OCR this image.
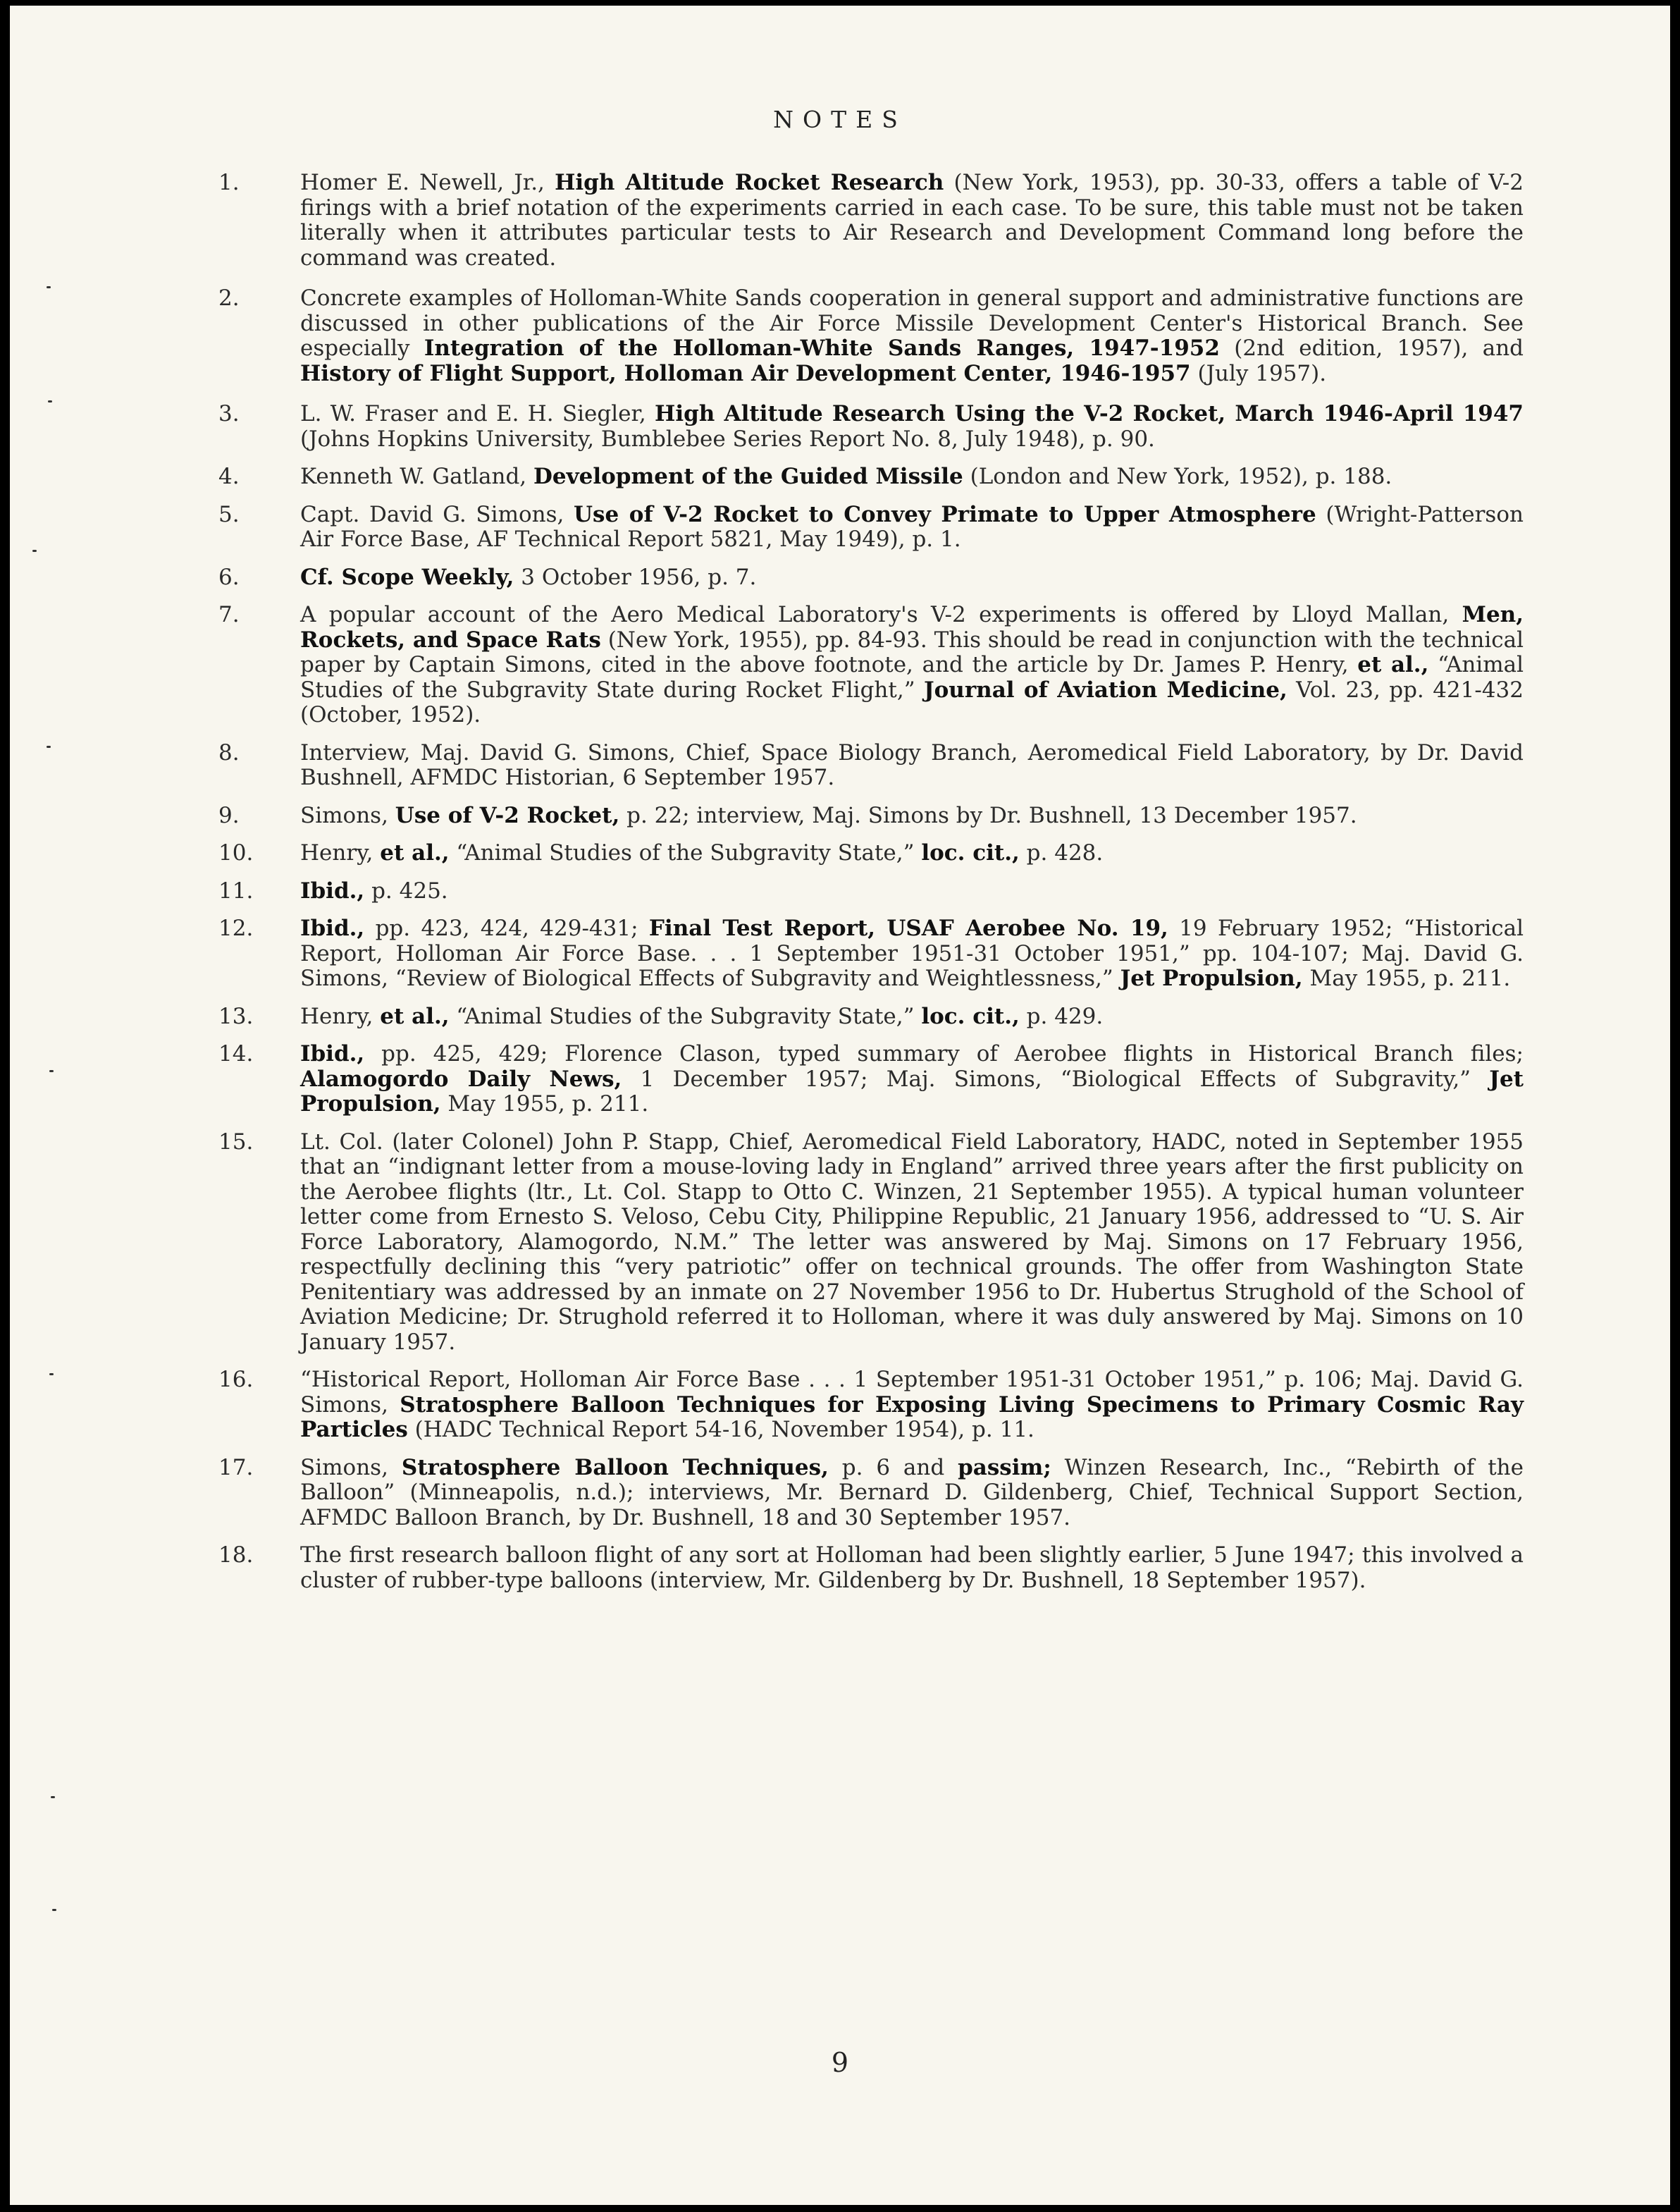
NOTES
1.	Homer E. Newell, Jr., High Altitude Rocket Research (New York, 1953), pp. 30-33, offers a table of V-2 firings with a brief notation of the experiments carried in each case. To be sure, this table must not be taken literally when it attributes particular tests to Air Research and Development Command long before the command was created.
2.	Concrete examples of Holloman-White Sands cooperation in general support and administrative functions are discussed in other publications of the Air Force Missile Development Center's Historical Branch. See especially Integration of the Holloman-White Sands Ranges, 1947-1952 (2nd edition, 1957), and History of Flight Support, Holloman Air Development Center, 1946-1957 (July 1957).
3.	L. W. Fraser and E. H. Siegler, High Altitude Research Using the V-2 Rocket, March 1946-April 1947 (Johns Hopkins University, Bumblebee Series Report No. 8, July 1948), p. 90.
4.	Kenneth W. Gatland, Development of the Guided Missile (London and New York, 1952), p. 188.
5.	Capt. David G. Simons, Use of V-2 Rocket to Convey Primate to Upper Atmosphere (Wright-Patterson Air Force Base, AF Technical Report 5821, May 1949), p. 1.
6.	Cf. Scope Weekly, 3 October 1956, p. 7.
7.	A popular account of the Aero Medical Laboratory's V-2 experiments is offered by Lloyd Mallan, Men, Rockets, and Space Rats (New York, 1955), pp. 84-93. This should be read in conjunction with the technical paper by Captain Simons, cited in the above footnote, and the article by Dr. James P. Henry, et al., “Animal Studies of the Subgravity State during Rocket Flight,” Journal of Aviation Medicine, Vol. 23, pp. 421-432 (October, 1952).
8.	Interview, Maj. David G. Simons, Chief, Space Biology Branch, Aeromedical Field Laboratory, by Dr. David Bushnell, AFMDC Historian, 6 September 1957.
9.	Simons, Use of V-2 Rocket, p. 22; interview, Maj. Simons by Dr. Bushnell, 13 December 1957.
10.	Henry, et al., “Animal Studies of the Subgravity State,” loc. cit., p. 428.
11.	Ibid., p. 425.
12.	Ibid., pp. 423, 424, 429-431; Final Test Report, USAF Aerobee No. 19, 19 February 1952; “Historical Report, Holloman Air Force Base. . . 1 September 1951-31 October 1951,” pp. 104-107; Maj. David G. Simons, “Review of Biological Effects of Subgravity and Weightlessness,” Jet Propulsion, May 1955, p. 211.
13.	Henry, et al., “Animal Studies of the Subgravity State,” loc. cit., p. 429.
14.	Ibid., pp. 425, 429; Florence Clason, typed summary of Aerobee flights in Historical Branch files; Alamogordo Daily News, 1 December 1957; Maj. Simons, “Biological Effects of Subgravity,” Jet Propulsion, May 1955, p. 211.
15.	Lt. Col. (later Colonel) John P. Stapp, Chief, Aeromedical Field Laboratory, HADC, noted in September 1955 that an “indignant letter from a mouse-loving lady in England” arrived three years after the first publicity on the Aerobee flights (ltr., Lt. Col. Stapp to Otto C. Winzen, 21 September 1955). A typical human volunteer letter come from Ernesto S. Veloso, Cebu City, Philippine Republic, 21 January 1956, addressed to “U. S. Air Force Laboratory, Alamogordo, N.M.” The letter was answered by Maj. Simons on 17 February 1956, respectfully declining this “very patriotic” offer on technical grounds. The offer from Washington State Penitentiary was addressed by an inmate on 27 November 1956 to Dr. Hubertus Strughold of the School of Aviation Medicine; Dr. Strughold referred it to Holloman, where it was duly answered by Maj. Simons on 10 January 1957.
16.	“Historical Report, Holloman Air Force Base . . . 1 September 1951-31 October 1951,” p. 106; Maj. David G. Simons, Stratosphere Balloon Techniques for Exposing Living Specimens to Primary Cosmic Ray Particles (HADC Technical Report 54-16, November 1954), p. 11.
17.	Simons, Stratosphere Balloon Techniques, p. 6 and passim; Winzen Research, Inc., “Rebirth of the Balloon” (Minneapolis, n.d.); interviews, Mr. Bernard D. Gildenberg, Chief, Technical Support Section, AFMDC Balloon Branch, by Dr. Bushnell, 18 and 30 September 1957.
18.	The first research balloon flight of any sort at Holloman had been slightly earlier, 5 June 1947; this involved a cluster of rubber-type balloons (interview, Mr. Gildenberg by Dr. Bushnell, 18 September 1957).
9
